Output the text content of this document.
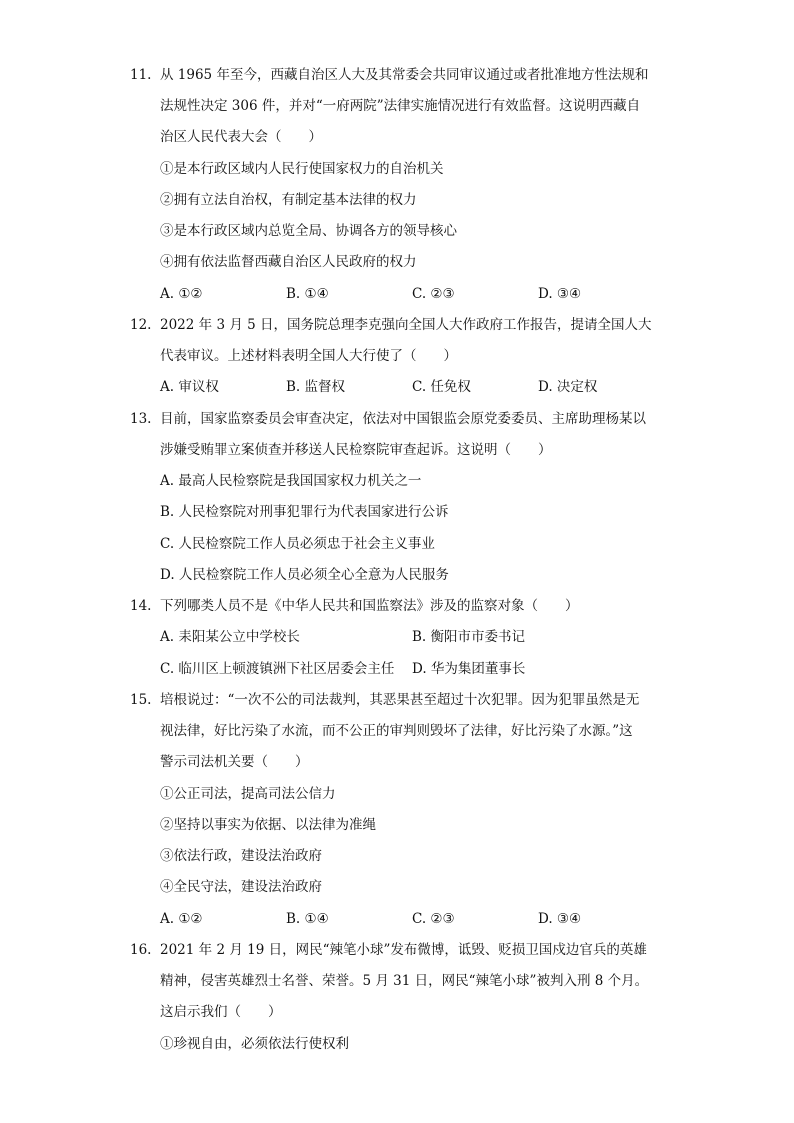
11. 从 1965 年至今，西藏自治区人大及其常委会共同审议通过或者批准地方性法规和
法规性决定 306 件，并对“一府两院”法律实施情况进行有效监督。这说明西藏自
治区人民代表大会（　　）
①是本行政区域内人民行使国家权力的自治机关
②拥有立法自治权，有制定基本法律的权力
③是本行政区域内总览全局、协调各方的领导核心
④拥有依法监督西藏自治区人民政府的权力
A. ①②	B. ①④	C. ②③	D. ③④
12. 2022 年 3 月 5 日，国务院总理李克强向全国人大作政府工作报告，提请全国人大
代表审议。上述材料表明全国人大行使了（　　）
A. 审议权	B. 监督权	C. 任免权	D. 决定权
13. 目前，国家监察委员会审查决定，依法对中国银监会原党委委员、主席助理杨某以
涉嫌受贿罪立案侦查并移送人民检察院审查起诉。这说明（　　）
A. 最高人民检察院是我国国家权力机关之一
B. 人民检察院对刑事犯罪行为代表国家进行公诉
C. 人民检察院工作人员必须忠于社会主义事业
D. 人民检察院工作人员必须全心全意为人民服务
14. 下列哪类人员不是《中华人民共和国监察法》涉及的监察对象（　　）
A. 耒阳某公立中学校长	B. 衡阳市市委书记
C. 临川区上顿渡镇洲下社区居委会主任 D. 华为集团董事长
15. 培根说过：“一次不公的司法裁判，其恶果甚至超过十次犯罪。因为犯罪虽然是无
视法律，好比污染了水流，而不公正的审判则毁坏了法律，好比污染了水源。”这
警示司法机关要（　　）
①公正司法，提高司法公信力
②坚持以事实为依据、以法律为准绳
③依法行政，建设法治政府
④全民守法，建设法治政府
A. ①②	B. ①④	C. ②③	D. ③④
16. 2021 年 2 月 19 日，网民“辣笔小球”发布微博，诋毁、贬损卫国戍边官兵的英雄
精神，侵害英雄烈士名誉、荣誉。5 月 31 日，网民“辣笔小球”被判入刑 8 个月。
这启示我们（　　）
①珍视自由，必须依法行使权利
